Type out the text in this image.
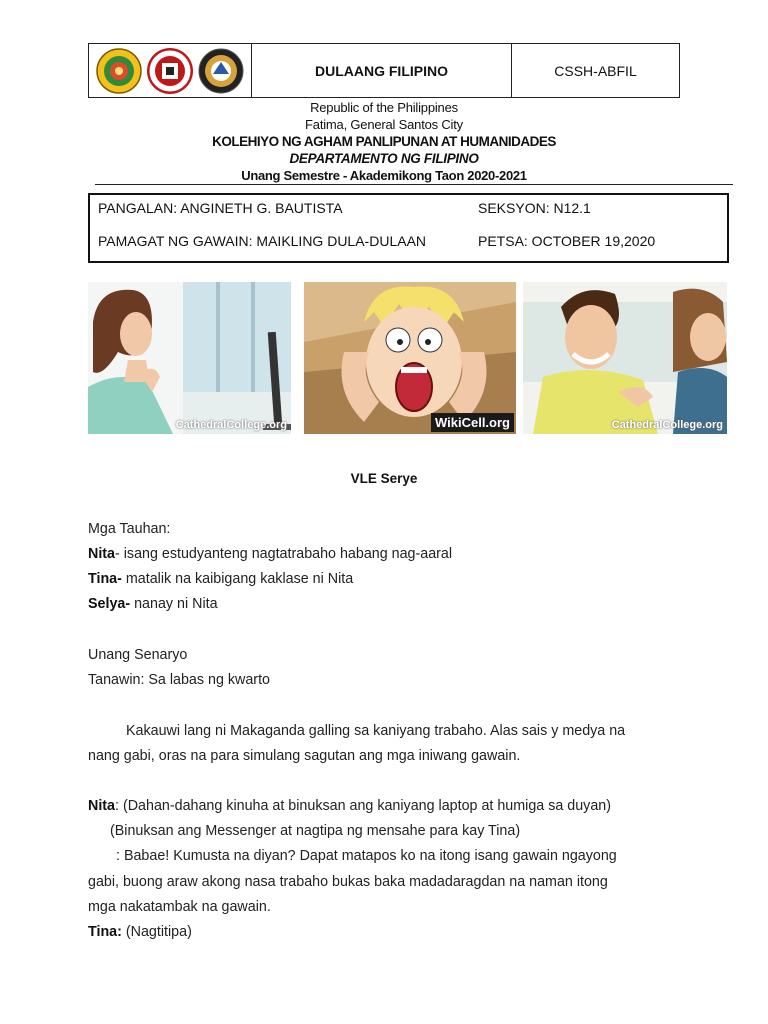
DULAANG FILIPINO	CSSH-ABFIL
Republic of the Philippines
Fatima, General Santos City
KOLEHIYO NG AGHAM PANLIPUNAN AT HUMANIDADES
DEPARTAMENTO NG FILIPINO
Unang Semestre - Akademikong Taon 2020-2021
PANGALAN: ANGINETH G. BAUTISTA	SEKSYON: N12.1
PAMAGAT NG GAWAIN: MAIKLING DULA-DULAAN	PETSA: OCTOBER 19,2020
CathedralCollege.org	WikiCell.org	CathedralCollege.org
VLE Serye
Mga Tauhan:
Nita- isang estudyanteng nagtatrabaho habang nag-aaral
Tina- matalik na kaibigang kaklase ni Nita
Selya- nanay ni Nita
Unang Senaryo
Tanawin: Sa labas ng kwarto
Kakauwi lang ni Makaganda galling sa kaniyang trabaho. Alas sais y medya na
nang gabi, oras na para simulang sagutan ang mga iniwang gawain.
Nita: (Dahan-dahang kinuha at binuksan ang kaniyang laptop at humiga sa duyan)
(Binuksan ang Messenger at nagtipa ng mensahe para kay Tina)
: Babae! Kumusta na diyan? Dapat matapos ko na itong isang gawain ngayong
gabi, buong araw akong nasa trabaho bukas baka madadaragdan na naman itong
mga nakatambak na gawain.
Tina: (Nagtitipa)
